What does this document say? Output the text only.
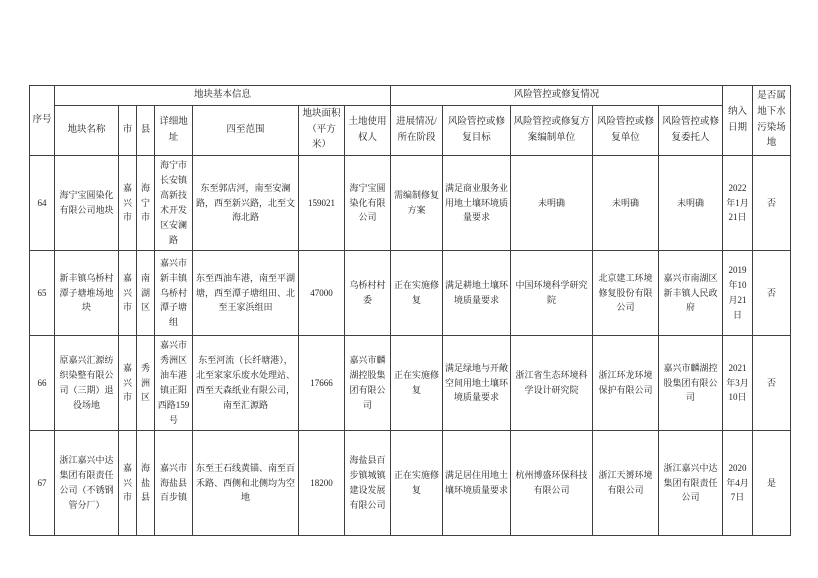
序号	地块基本信息							风险管控或修复情况					纳入日期	是否属地下水污染场地
	地块名称	市	县	详细地址	四至范围	地块面积（平方米）	土地使用权人	进展情况/所在阶段	风险管控或修复目标	风险管控或修复方案编制单位	风险管控或修复单位	风险管控或修复委托人		
64	海宁宝圆染化有限公司地块	嘉兴市	海宁市	海宁市长安镇高新技术开发区安澜路	东至郭店河，南至安澜路，西至新兴路，北至文海北路	159021	海宁宝圆染化有限公司	需编制修复方案	满足商业服务业用地土壤环境质量要求	未明确	未明确	未明确	2022年1月21日	否
65	新丰镇乌桥村潭子塘堆场地块	嘉兴市	南湖区	嘉兴市新丰镇乌桥村潭子塘组	东至西油车港，南至平湖塘，西至潭子塘组田、北至王家浜组田	47000	乌桥村村委	正在实施修复	满足耕地土壤环境质量要求	中国环境科学研究院	北京建工环境修复股份有限公司	嘉兴市南湖区新丰镇人民政府	2019年10月21日	否
66	原嘉兴汇源纺织染整有限公司（三期）退役场地	嘉兴市	秀洲区	嘉兴市秀洲区油车港镇正阳西路159号	东至河流（长纤塘港），北至家家乐废水处理站、西至天森纸业有限公司，南至汇源路	17666	嘉兴市麟湖控股集团有限公司	正在实施修复	满足绿地与开敞空间用地土壤环境质量要求	浙江省生态环境科学设计研究院	浙江环龙环境保护有限公司	嘉兴市麟湖控股集团有限公司	2021年3月10日	否
67	浙江嘉兴中达集团有限责任公司（不锈钢管分厂）	嘉兴市	海盐县	嘉兴市海盐县百步镇	东至王石线黄锚、南至百禾路、西侧和北侧均为空地	18200	海盐县百步镇城镇建设发展有限公司	正在实施修复	满足居住用地土壤环境质量要求	杭州博盛环保科技有限公司	浙江天赟环境有限公司	浙江嘉兴中达集团有限责任公司	2020年4月7日	是
